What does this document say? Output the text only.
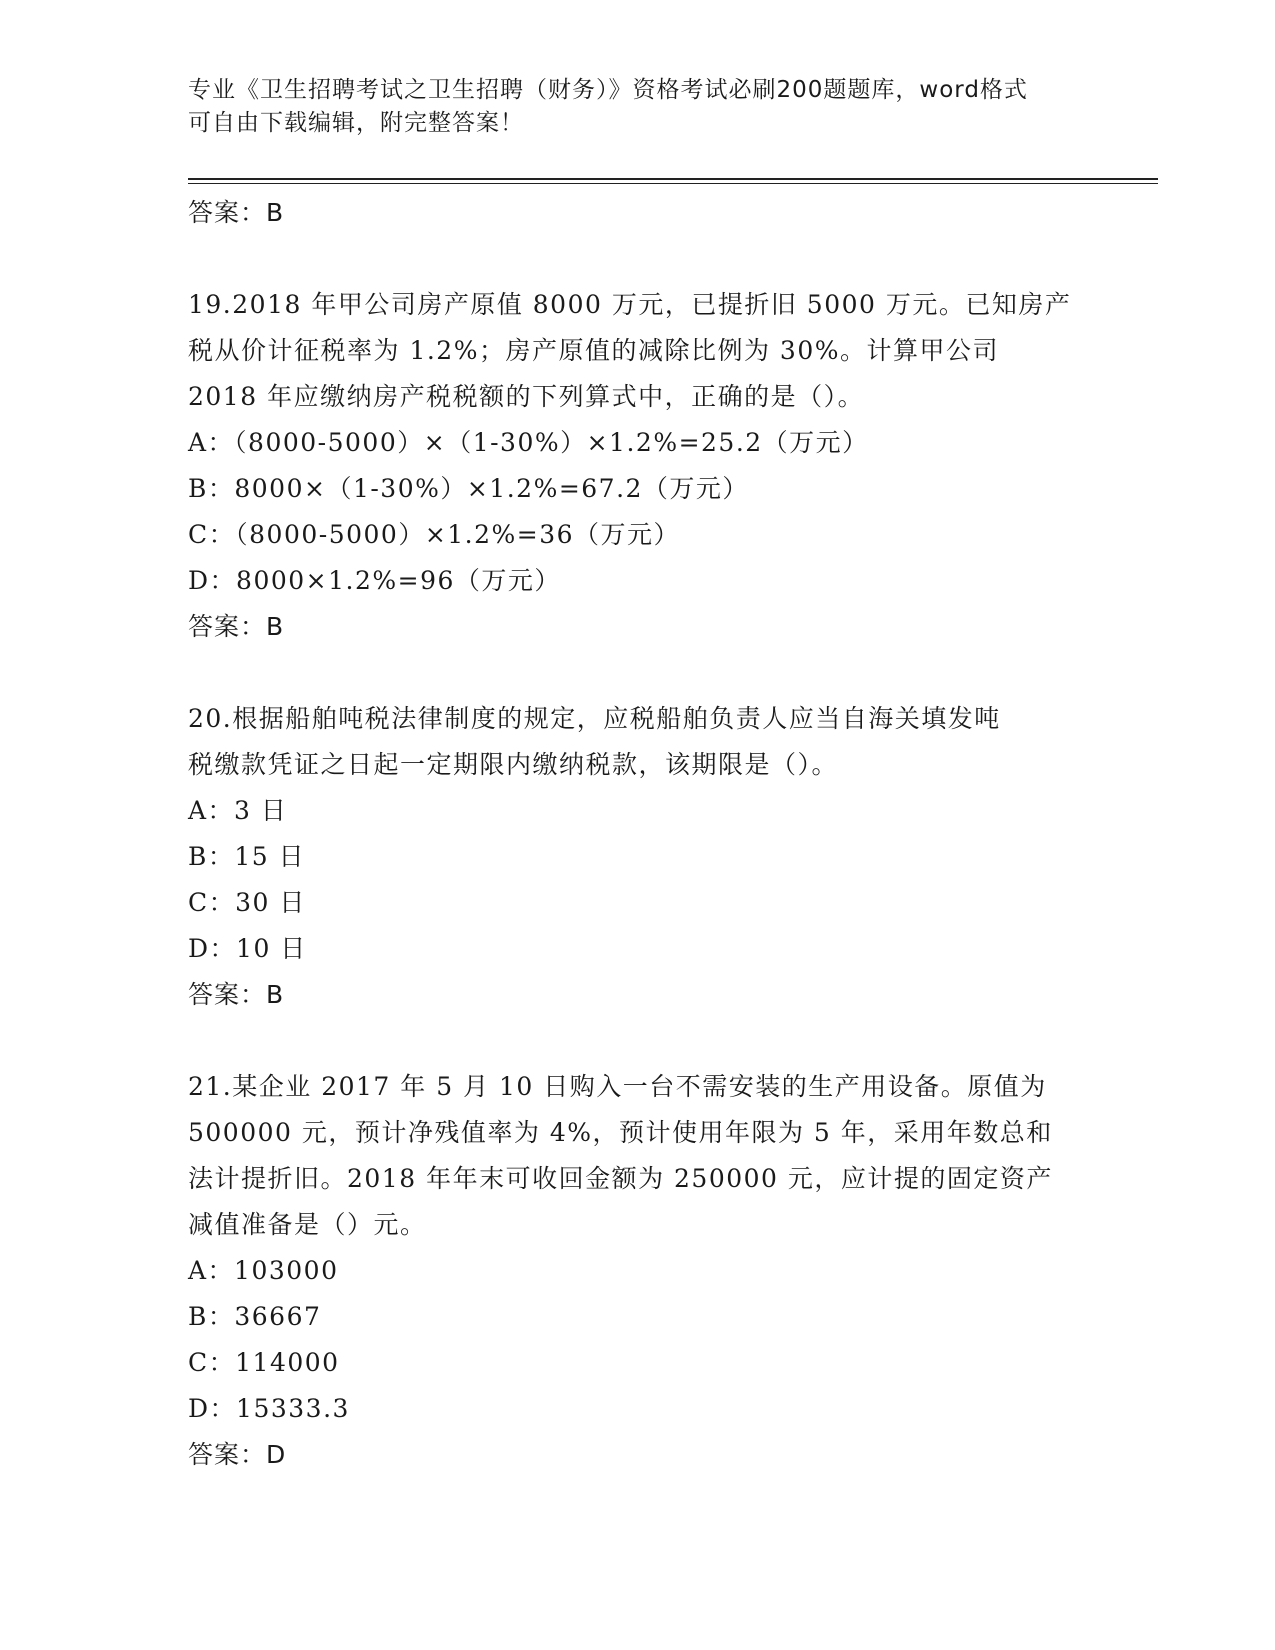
专业《卫生招聘考试之卫生招聘（财务）》资格考试必刷200题题库，word格式
可自由下载编辑，附完整答案！
答案：B
19.2018 年甲公司房产原值 8000 万元，已提折旧 5000 万元。已知房产
税从价计征税率为 1.2%；房产原值的减除比例为 30%。计算甲公司
2018 年应缴纳房产税税额的下列算式中，正确的是（）。
A：（8000-5000）×（1-30%）×1.2%=25.2（万元）
B：8000×（1-30%）×1.2%=67.2（万元）
C：（8000-5000）×1.2%=36（万元）
D：8000×1.2%=96（万元）
答案：B
20.根据船舶吨税法律制度的规定，应税船舶负责人应当自海关填发吨
税缴款凭证之日起一定期限内缴纳税款，该期限是（）。
A：3 日
B：15 日
C：30 日
D：10 日
答案：B
21.某企业 2017 年 5 月 10 日购入一台不需安装的生产用设备。原值为
500000 元，预计净残值率为 4%，预计使用年限为 5 年，采用年数总和
法计提折旧。2018 年年末可收回金额为 250000 元，应计提的固定资产
减值准备是（）元。
A：103000
B：36667
C：114000
D：15333.3
答案：D
